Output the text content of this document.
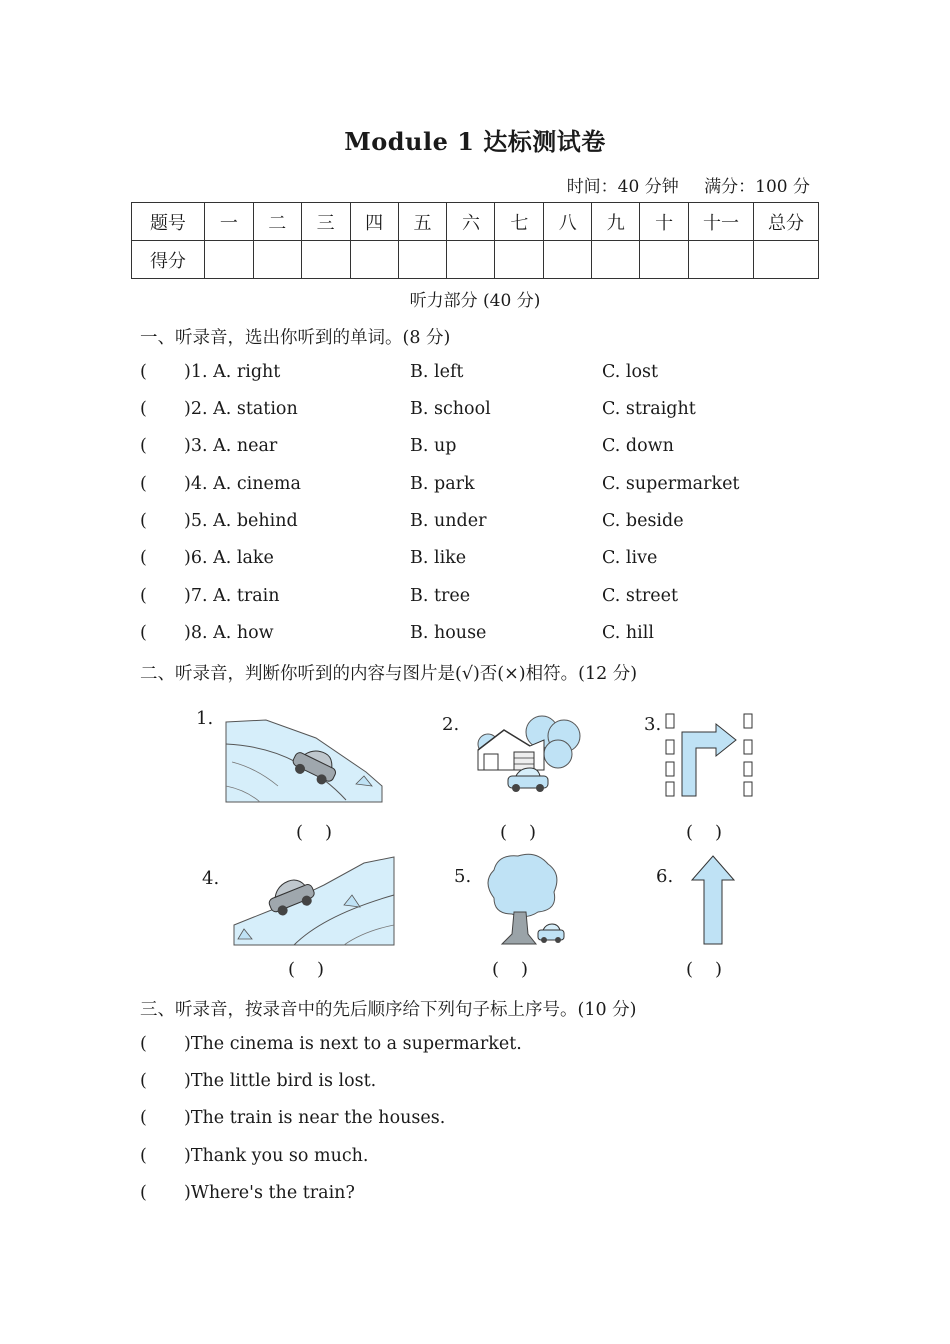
Module 1 达标测试卷
时间：40 分钟 满分：100 分
题号	一	二	三	四	五	六	七	八	九	十	十一	总分
得分												
听力部分 (40 分)
一、听录音，选出你听到的单词。(8 分)
( )1. A. right	B. left	C. lost
( )2. A. station	B. school	C. straight
( )3. A. near	B. up	C. down
( )4. A. cinema	B. park	C. supermarket
( )5. A. behind	B. under	C. beside
( )6. A. lake	B. like	C. live
( )7. A. train	B. tree	C. street
( )8. A. how	B. house	C. hill
二、听录音，判断你听到的内容与图片是(√)否(×)相符。(12 分)
1.	2.	3.
4.	5.	6.
()	()	()
()	()	()
三、听录音，按录音中的先后顺序给下列句子标上序号。(10 分)
( )The cinema is next to a supermarket.
( )The little bird is lost.
( )The train is near the houses.
( )Thank you so much.
( )Where's the train?
